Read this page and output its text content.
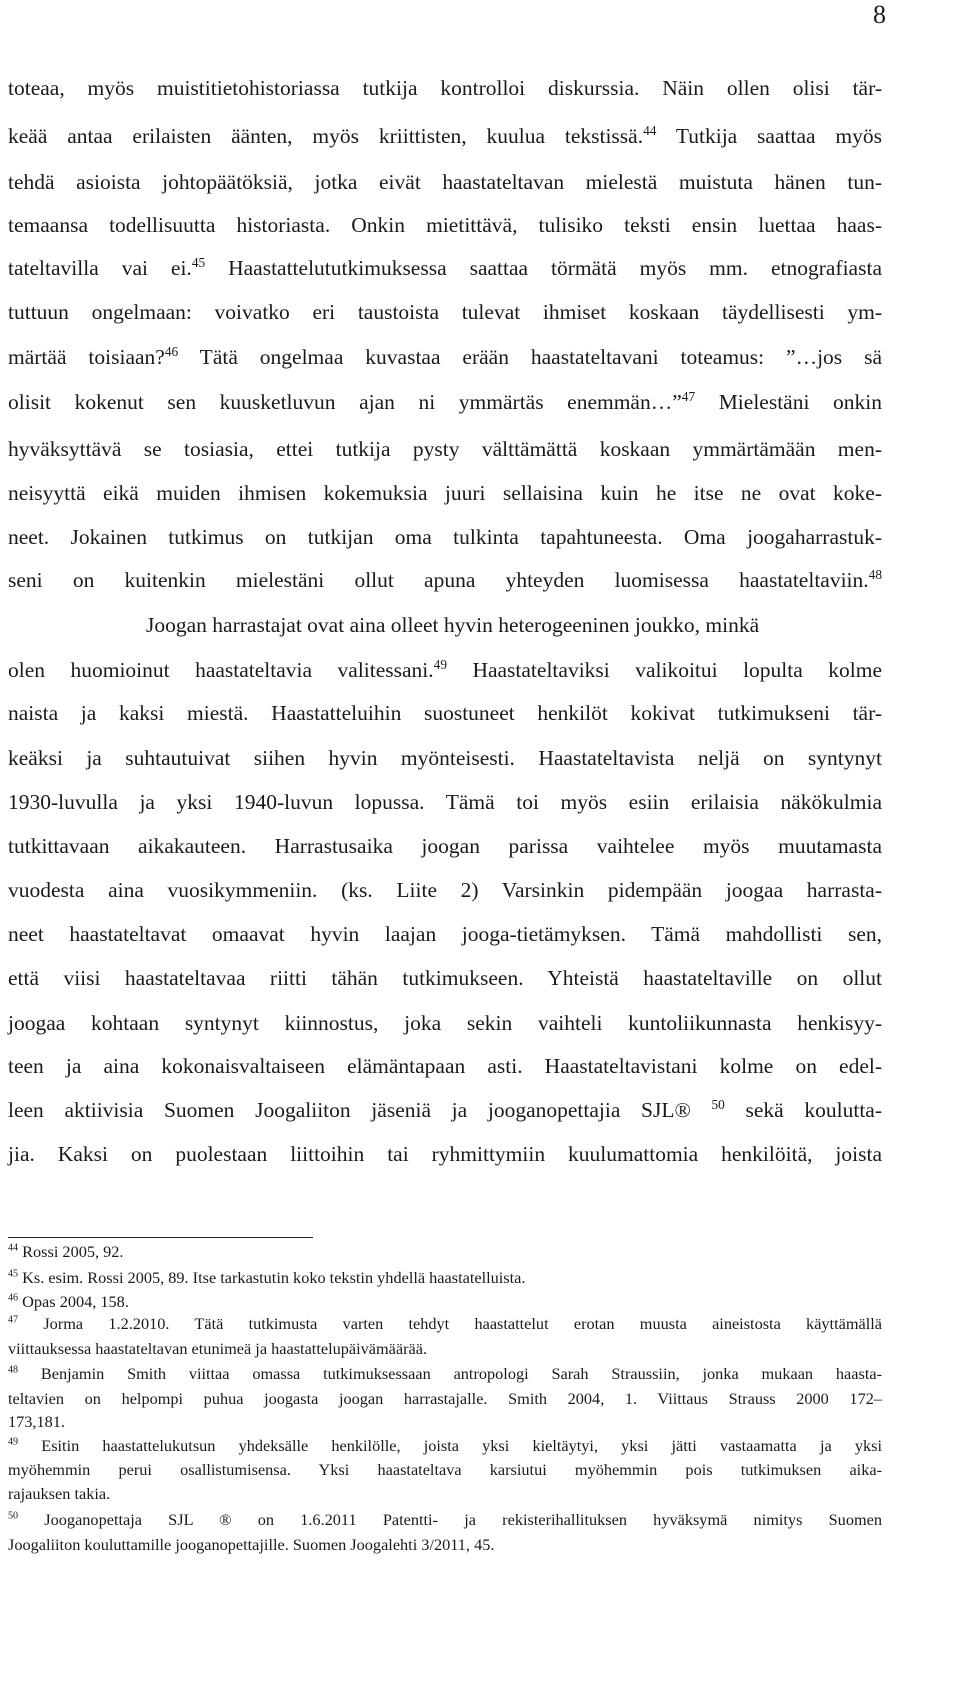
8
toteaa, myös muistitietohistoriassa tutkija kontrolloi diskurssia. Näin ollen olisi tär-
keää antaa erilaisten äänten, myös kriittisten, kuulua tekstissä.$^{44}$ Tutkija saattaa myös
tehdä asioista johtopäätöksiä, jotka eivät haastateltavan mielestä muistuta hänen tun-
temaansa todellisuutta historiasta. Onkin mietittävä, tulisiko teksti ensin luettaa haas-
tateltavilla vai ei.$^{45}$ Haastattelututkimuksessa saattaa törmätä myös mm. etnografiasta
tuttuun ongelmaan: voivatko eri taustoista tulevat ihmiset koskaan täydellisesti ym-
märtää toisiaan?$^{46}$ Tätä ongelmaa kuvastaa erään haastateltavani toteamus: ”…jos sä
olisit kokenut sen kuusketluvun ajan ni ymmärtäs enemmän…”$^{47}$ Mielestäni onkin
hyväksyttävä se tosiasia, ettei tutkija pysty välttämättä koskaan ymmärtämään men-
neisyyttä eikä muiden ihmisen kokemuksia juuri sellaisina kuin he itse ne ovat koke-
neet. Jokainen tutkimus on tutkijan oma tulkinta tapahtuneesta. Oma joogaharrastuk-
seni on kuitenkin mielestäni ollut apuna yhteyden luomisessa haastateltaviin.$^{48}$
Joogan harrastajat ovat aina olleet hyvin heterogeeninen joukko, minkä
olen huomioinut haastateltavia valitessani.$^{49}$ Haastateltaviksi valikoitui lopulta kolme
naista ja kaksi miestä. Haastatteluihin suostuneet henkilöt kokivat tutkimukseni tär-
keäksi ja suhtautuivat siihen hyvin myönteisesti. Haastateltavista neljä on syntynyt
1930-luvulla ja yksi 1940-luvun lopussa. Tämä toi myös esiin erilaisia näkökulmia
tutkittavaan aikakauteen. Harrastusaika joogan parissa vaihtelee myös muutamasta
vuodesta aina vuosikymmeniin. (ks. Liite 2) Varsinkin pidempään joogaa harrasta-
neet haastateltavat omaavat hyvin laajan jooga-tietämyksen. Tämä mahdollisti sen,
että viisi haastateltavaa riitti tähän tutkimukseen. Yhteistä haastateltaville on ollut
joogaa kohtaan syntynyt kiinnostus, joka sekin vaihteli kuntoliikunnasta henkisyy-
teen ja aina kokonaisvaltaiseen elämäntapaan asti. Haastateltavistani kolme on edel-
leen aktiivisia Suomen Joogaliiton jäseniä ja jooganopettajia SJL® $^{50}$ sekä koulutta-
jia. Kaksi on puolestaan liittoihin tai ryhmittymiin kuulumattomia henkilöitä, joista
$^{44}$ Rossi 2005, 92.
$^{45}$ Ks. esim. Rossi 2005, 89. Itse tarkastutin koko tekstin yhdellä haastatelluista.
$^{46}$ Opas 2004, 158.
$^{47}$ Jorma 1.2.2010. Tätä tutkimusta varten tehdyt haastattelut erotan muusta aineistosta käyttämällä
viittauksessa haastateltavan etunimeä ja haastattelupäivämäärää.
$^{48}$ Benjamin Smith viittaa omassa tutkimuksessaan antropologi Sarah Straussiin, jonka mukaan haasta-
teltavien on helpompi puhua joogasta joogan harrastajalle. Smith 2004, 1. Viittaus Strauss 2000 172–
173,181.
$^{49}$ Esitin haastattelukutsun yhdeksälle henkilölle, joista yksi kieltäytyi, yksi jätti vastaamatta ja yksi
myöhemmin perui osallistumisensa. Yksi haastateltava karsiutui myöhemmin pois tutkimuksen aika-
rajauksen takia.
$^{50}$ Jooganopettaja SJL ® on 1.6.2011 Patentti- ja rekisterihallituksen hyväksymä nimitys Suomen
Joogaliiton kouluttamille jooganopettajille. Suomen Joogalehti 3/2011, 45.
